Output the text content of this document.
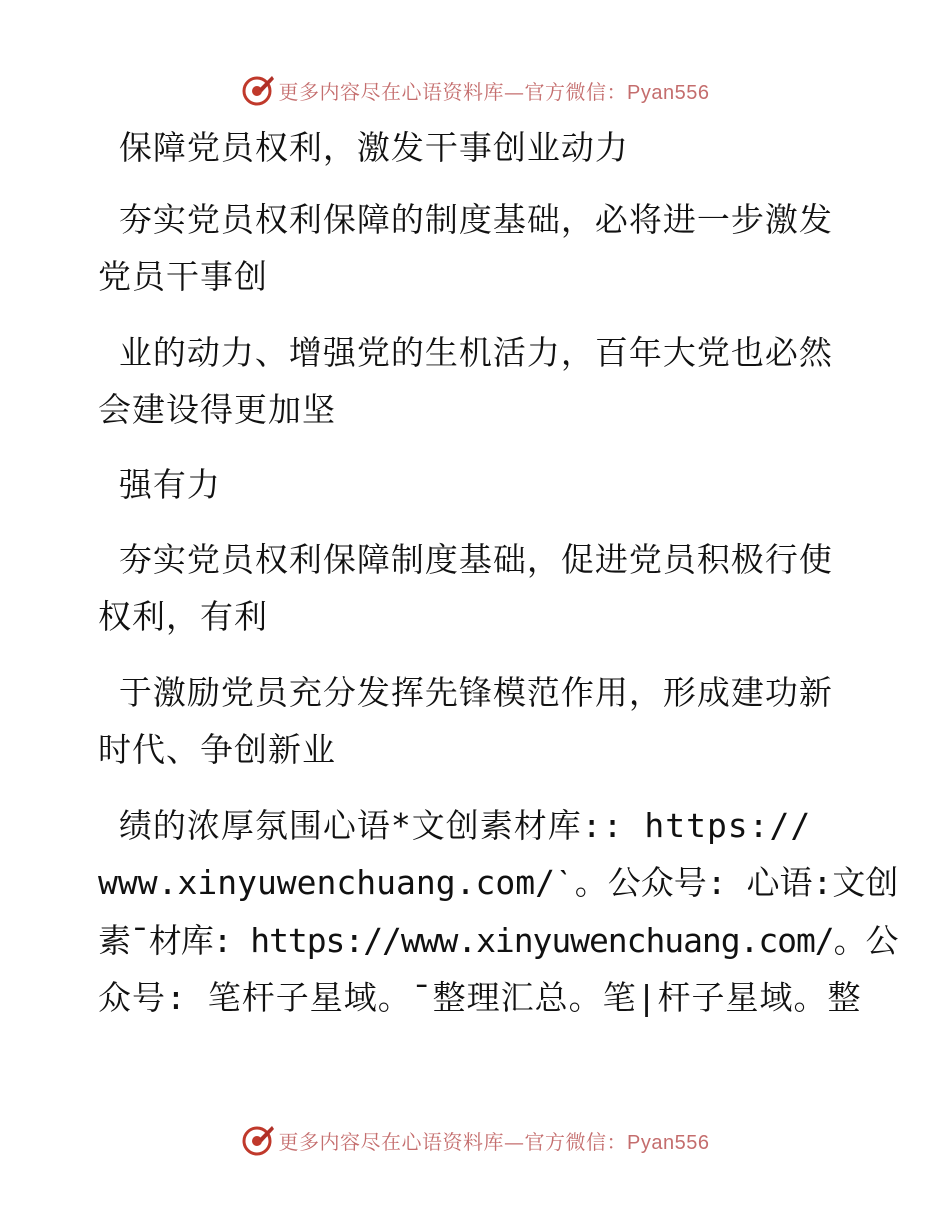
更多内容尽在心语资料库—官方微信：Pyan556
保障党员权利，激发干事创业动力
夯实党员权利保障的制度基础，必将进一步激发
党员干事创
业的动力、增强党的生机活力，百年大党也必然
会建设得更加坚
强有力
夯实党员权利保障制度基础，促进党员积极行使
权利，有利
于激励党员充分发挥先锋模范作用，形成建功新
时代、争创新业
绩的浓厚氛围心语*文创素材库:: https://
www.xinyuwenchuang.com/ˋ。公众号: 心语:文创
素¯材库: https://www.xinyuwenchuang.com/。公
众号: 笔杆子星域。¯整理汇总。笔|杆子星域。整
更多内容尽在心语资料库—官方微信：Pyan556
